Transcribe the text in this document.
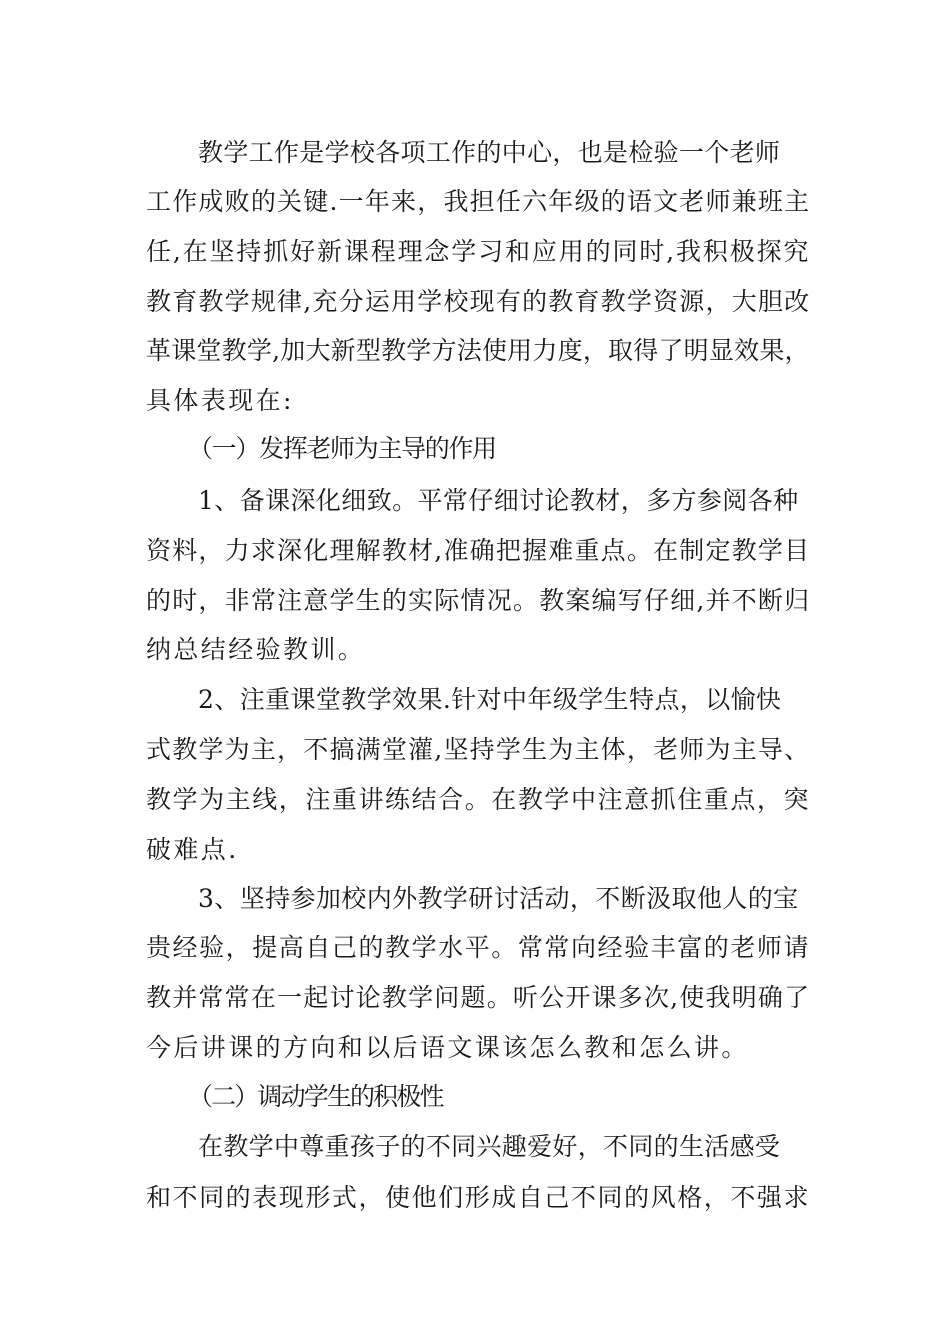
教学工作是学校各项工作的中心，也是检验一个老师

工作成败的关键.一年来，我担任六年级的语文老师兼班主

任,在坚持抓好新课程理念学习和应用的同时,我积极探究

教育教学规律,充分运用学校现有的教育教学资源，大胆改

革课堂教学,加大新型教学方法使用力度，取得了明显效果，

具体表现在:

（一）发挥老师为主导的作用

1、备课深化细致。平常仔细讨论教材，多方参阅各种

资料，力求深化理解教材,准确把握难重点。在制定教学目

的时，非常注意学生的实际情况。教案编写仔细,并不断归

纳总结经验教训。

2、注重课堂教学效果.针对中年级学生特点，以愉快

式教学为主，不搞满堂灌,坚持学生为主体，老师为主导、

教学为主线，注重讲练结合。在教学中注意抓住重点，突

破难点.

3、坚持参加校内外教学研讨活动，不断汲取他人的宝

贵经验，提高自己的教学水平。常常向经验丰富的老师请

教并常常在一起讨论教学问题。听公开课多次,使我明确了

今后讲课的方向和以后语文课该怎么教和怎么讲。

（二）调动学生的积极性

在教学中尊重孩子的不同兴趣爱好，不同的生活感受

和不同的表现形式，使他们形成自己不同的风格，不强求
